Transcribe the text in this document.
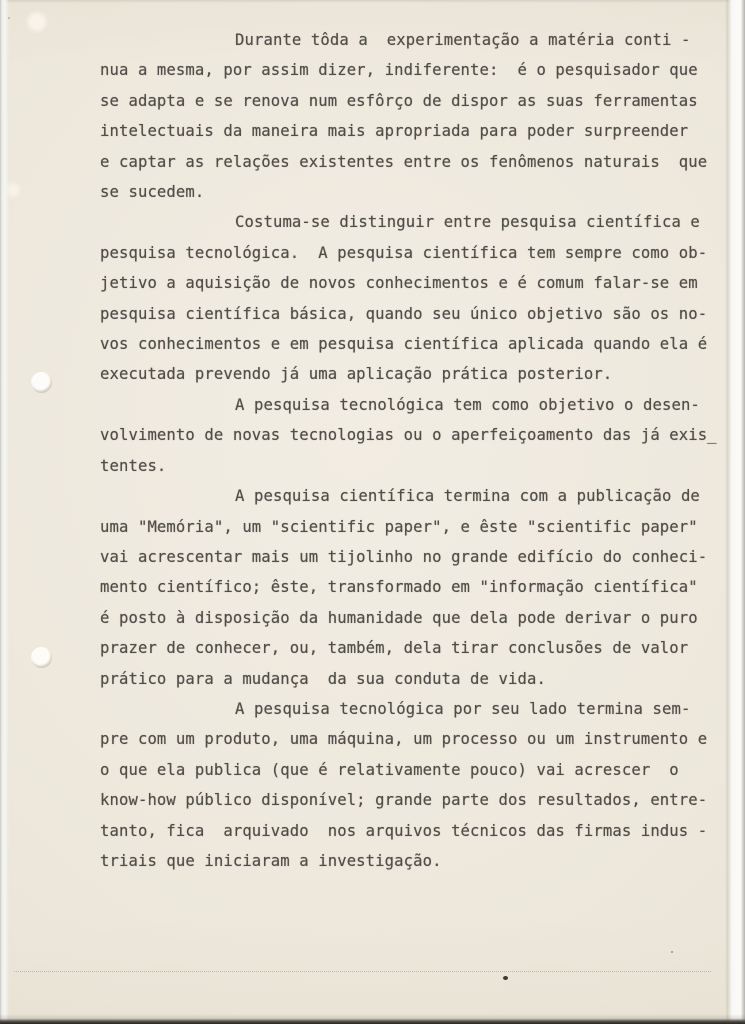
Durante tôda a  experimentação a matéria conti -
nua a mesma, por assim dizer, indiferente:  é o pesquisador que
se adapta e se renova num esfôrço de dispor as suas ferramentas
intelectuais da maneira mais apropriada para poder surpreender
e captar as relações existentes entre os fenômenos naturais  que
se sucedem.
Costuma-se distinguir entre pesquisa científica e
pesquisa tecnológica.  A pesquisa científica tem sempre como ob-
jetivo a aquisição de novos conhecimentos e é comum falar-se em
pesquisa científica básica, quando seu único objetivo são os no-
vos conhecimentos e em pesquisa científica aplicada quando ela é
executada prevendo já uma aplicação prática posterior.
A pesquisa tecnológica tem como objetivo o desen-
volvimento de novas tecnologias ou o aperfeiçoamento das já exis̲
tentes.
A pesquisa científica termina com a publicação de
uma "Memória", um "scientific paper", e êste "scientific paper"
vai acrescentar mais um tijolinho no grande edifício do conheci-
mento científico; êste, transformado em "informação científica"
é posto à disposição da humanidade que dela pode derivar o puro
prazer de conhecer, ou, também, dela tirar conclusões de valor
prático para a mudança  da sua conduta de vida.
A pesquisa tecnológica por seu lado termina sem-
pre com um produto, uma máquina, um processo ou um instrumento e
o que ela publica (que é relativamente pouco) vai acrescer  o
know-how público disponível; grande parte dos resultados, entre-
tanto, fica  arquivado  nos arquivos técnicos das firmas indus -
triais que iniciaram a investigação.
